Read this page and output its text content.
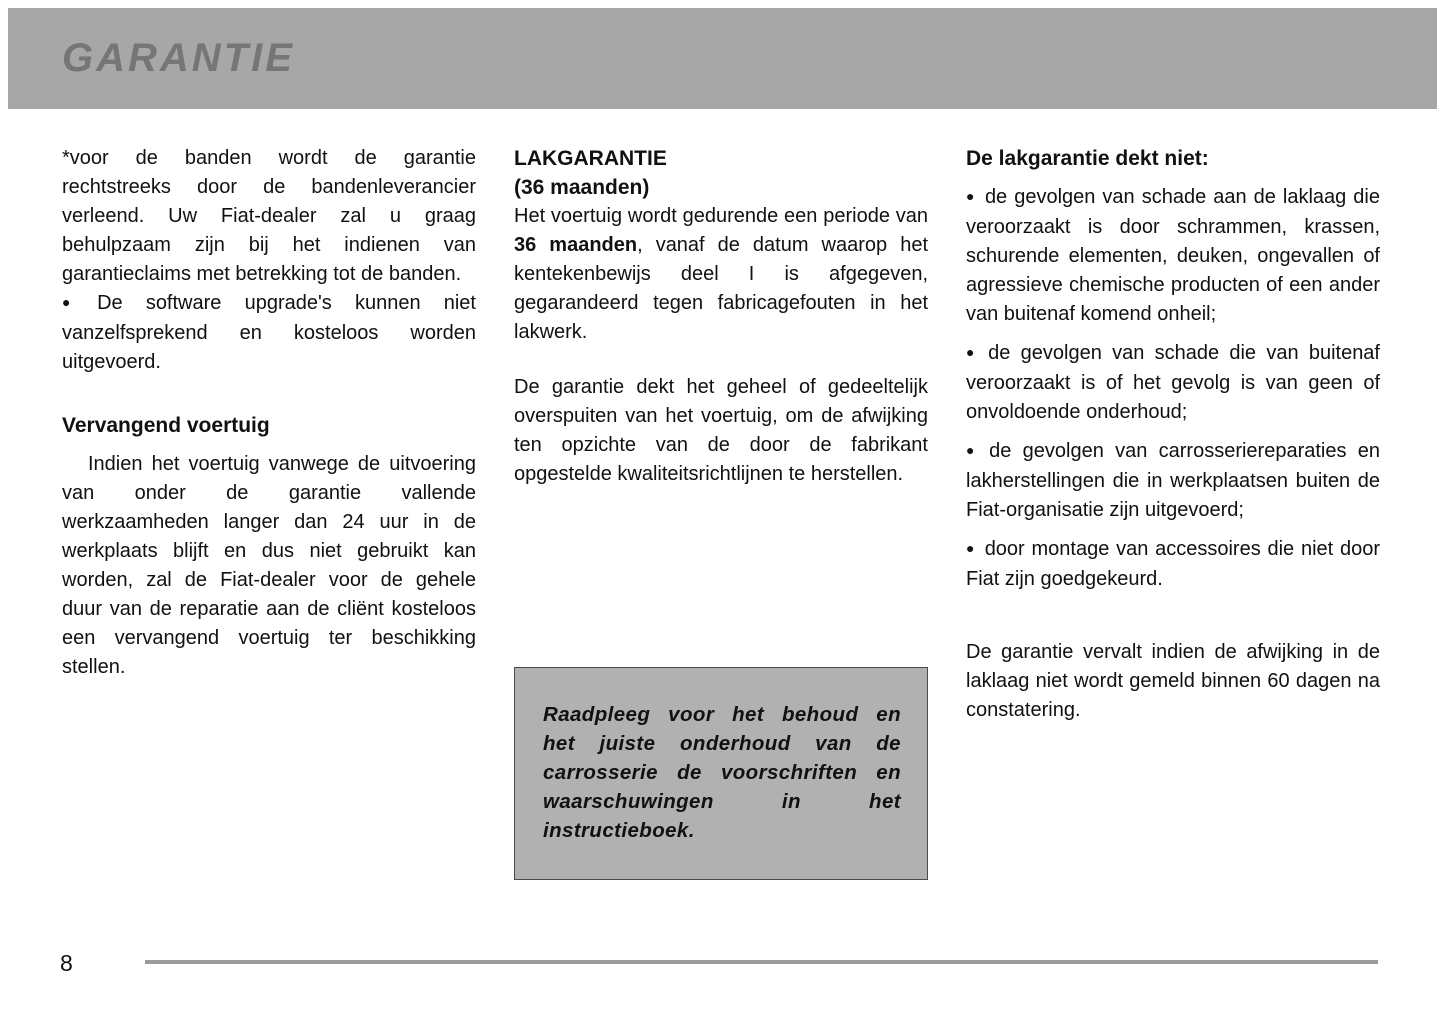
GARANTIE

*voor de banden wordt de garantie rechtstreeks door de bandenleverancier verleend. Uw Fiat-dealer zal u graag behulpzaam zijn bij het indienen van garantieclaims met betrekking tot de banden.

● De software upgrade's kunnen niet vanzelfsprekend en kosteloos worden uitgevoerd.

Vervangend voertuig

Indien het voertuig vanwege de uitvoering van onder de garantie vallende werkzaamheden langer dan 24 uur in de werkplaats blijft en dus niet gebruikt kan worden, zal de Fiat-dealer voor de gehele duur van de reparatie aan de cliënt kosteloos een vervangend voertuig ter beschikking stellen.

LAKGARANTIE

(36 maanden)

Het voertuig wordt gedurende een periode van 36 maanden, vanaf de datum waarop het kentekenbewijs deel I is afgegeven, gegarandeerd tegen fabricagefouten in het lakwerk.

De garantie dekt het geheel of gedeeltelijk overspuiten van het voertuig, om de afwijking ten opzichte van de door de fabrikant opgestelde kwaliteitsrichtlijnen te herstellen.

Raadpleeg voor het behoud en het juiste onderhoud van de carrosserie de voorschriften en waarschuwingen in het instructieboek.

De lakgarantie dekt niet:

● de gevolgen van schade aan de laklaag die veroorzaakt is door schrammen, krassen, schurende elementen, deuken, ongevallen of agressieve chemische producten of een ander van buitenaf komend onheil;

● de gevolgen van schade die van buitenaf veroorzaakt is of het gevolg is van geen of onvoldoende onderhoud;

● de gevolgen van carrosseriereparaties en lakherstellingen die in werkplaatsen buiten de Fiat-organisatie zijn uitgevoerd;

● door montage van accessoires die niet door Fiat zijn goedgekeurd.

De garantie vervalt indien de afwijking in de laklaag niet wordt gemeld binnen 60 dagen na constatering.

8
